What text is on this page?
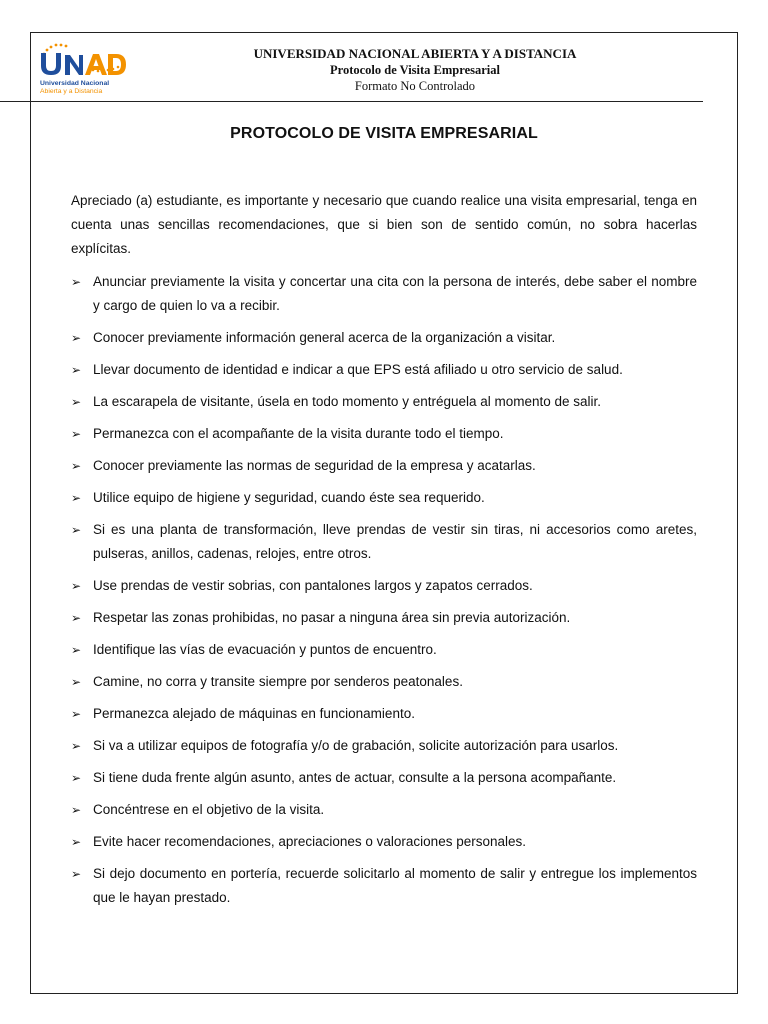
Universidad Nacional
Abierta y a Distancia
UNIVERSIDAD NACIONAL ABIERTA Y A DISTANCIA
Protocolo de Visita Empresarial
Formato No Controlado
PROTOCOLO DE VISITA EMPRESARIAL
Apreciado (a) estudiante, es importante y necesario que cuando realice una visita empresarial, tenga en cuenta unas sencillas recomendaciones, que si bien son de sentido común, no sobra hacerlas explícitas.
➢ Anunciar previamente la visita y concertar una cita con la persona de interés, debe saber el nombre y cargo de quien lo va a recibir.
➢ Conocer previamente información general acerca de la organización a visitar.
➢ Llevar documento de identidad e indicar a que EPS está afiliado u otro servicio de salud.
➢ La escarapela de visitante, úsela en todo momento y entréguela al momento de salir.
➢ Permanezca con el acompañante de la visita durante todo el tiempo.
➢ Conocer previamente las normas de seguridad de la empresa y acatarlas.
➢ Utilice equipo de higiene y seguridad, cuando éste sea requerido.
➢ Si es una planta de transformación, lleve prendas de vestir sin tiras, ni accesorios como aretes, pulseras, anillos, cadenas, relojes, entre otros.
➢ Use prendas de vestir sobrias, con pantalones largos y zapatos cerrados.
➢ Respetar las zonas prohibidas, no pasar a ninguna área sin previa autorización.
➢ Identifique las vías de evacuación y puntos de encuentro.
➢ Camine, no corra y transite siempre por senderos peatonales.
➢ Permanezca alejado de máquinas en funcionamiento.
➢ Si va a utilizar equipos de fotografía y/o de grabación, solicite autorización para usarlos.
➢ Si tiene duda frente algún asunto, antes de actuar, consulte a la persona acompañante.
➢ Concéntrese en el objetivo de la visita.
➢ Evite hacer recomendaciones, apreciaciones o valoraciones personales.
➢ Si dejo documento en portería, recuerde solicitarlo al momento de salir y entregue los implementos que le hayan prestado.
